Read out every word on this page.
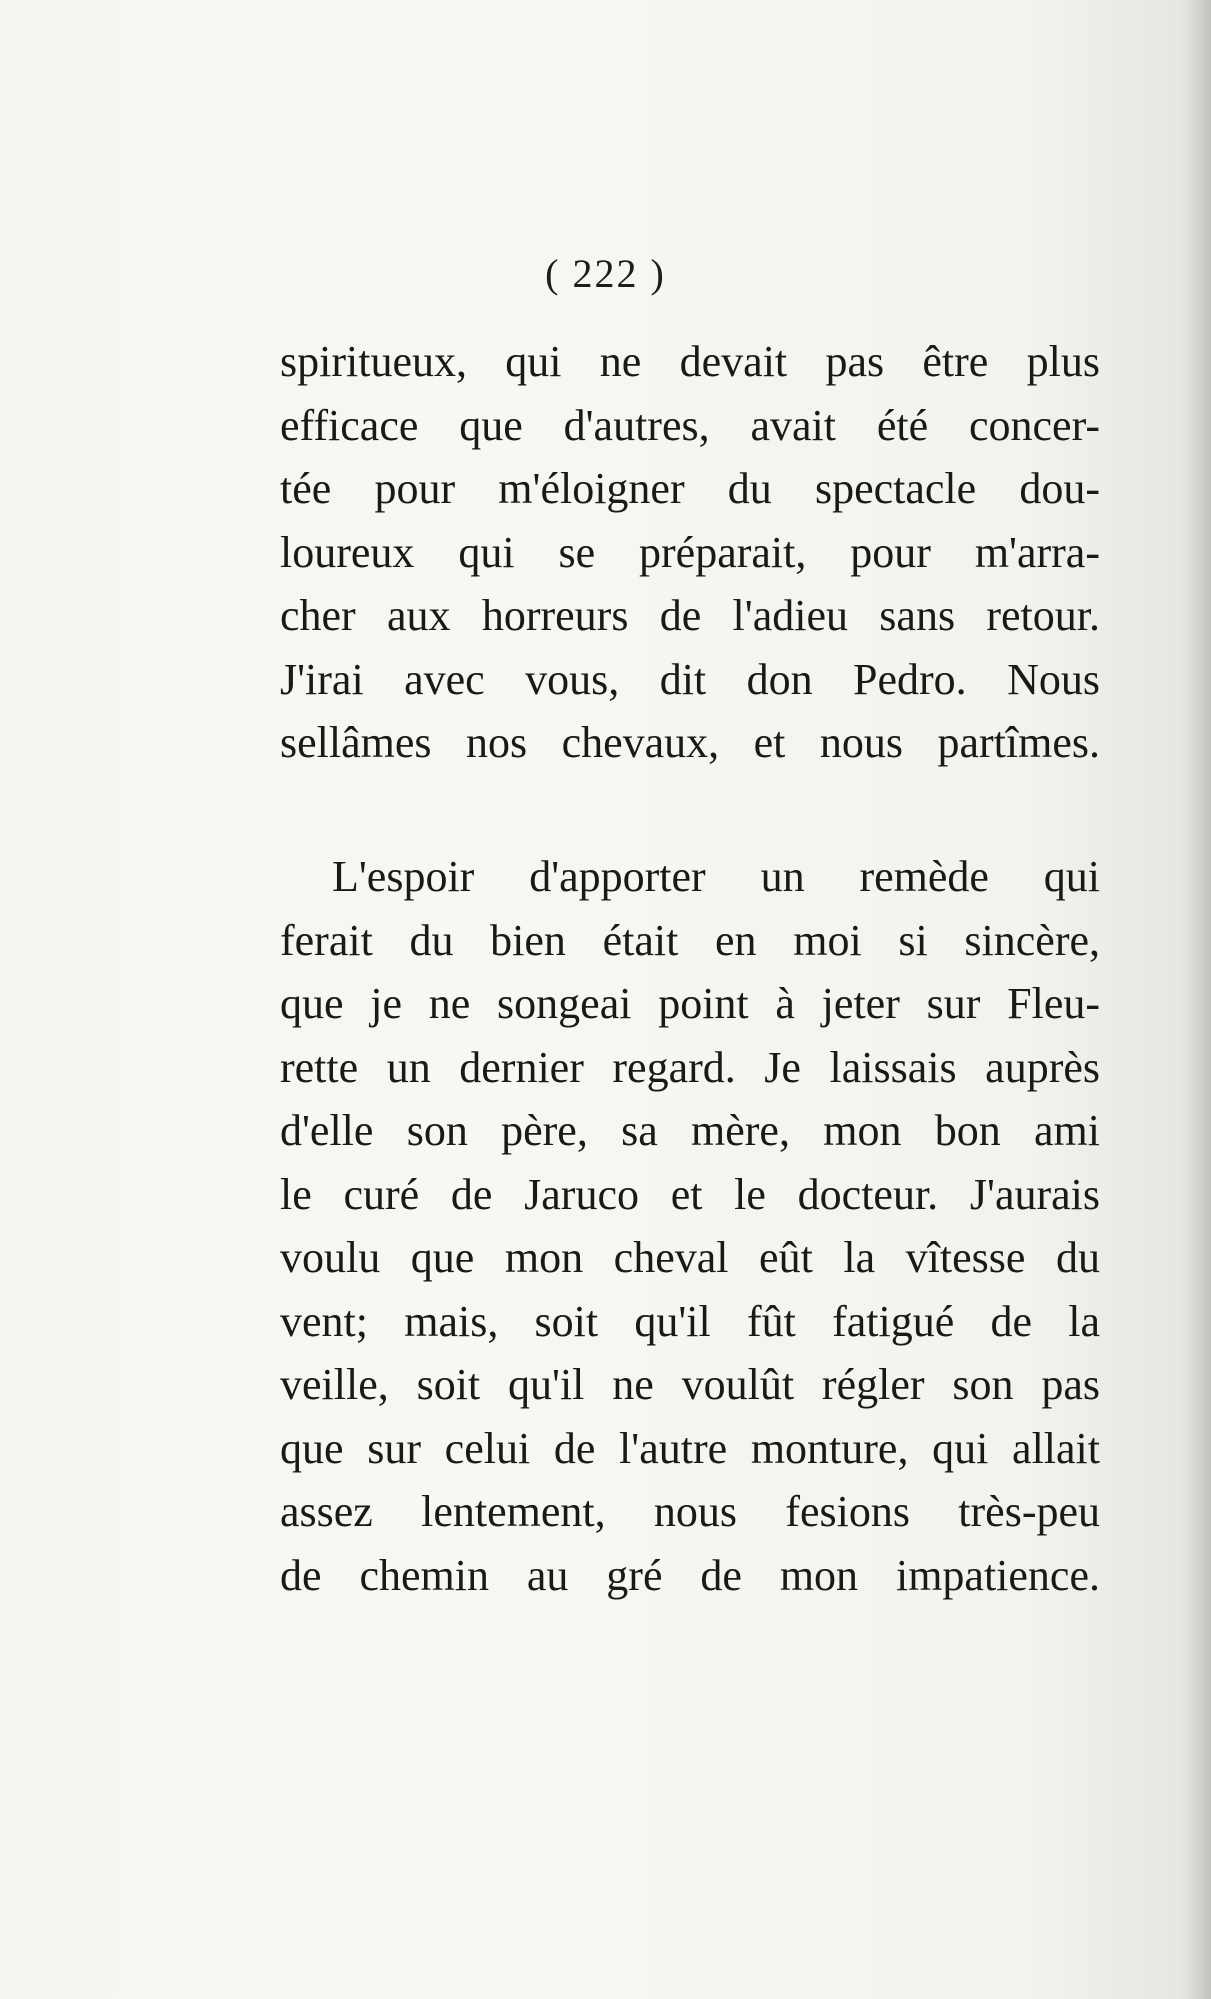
( 222 )
spiritueux, qui ne devait pas être plus
efficace que d'autres, avait été concer-
tée pour m'éloigner du spectacle dou-
loureux qui se préparait, pour m'arra-
cher aux horreurs de l'adieu sans retour.
J'irai avec vous, dit don Pedro. Nous
sellâmes nos chevaux, et nous partîmes.
L'espoir d'apporter un remède qui
ferait du bien était en moi si sincère,
que je ne songeai point à jeter sur Fleu-
rette un dernier regard. Je laissais auprès
d'elle son père, sa mère, mon bon ami
le curé de Jaruco et le docteur. J'aurais
voulu que mon cheval eût la vîtesse du
vent; mais, soit qu'il fût fatigué de la
veille, soit qu'il ne voulût régler son pas
que sur celui de l'autre monture, qui allait
assez lentement, nous fesions très-peu
de chemin au gré de mon impatience.
